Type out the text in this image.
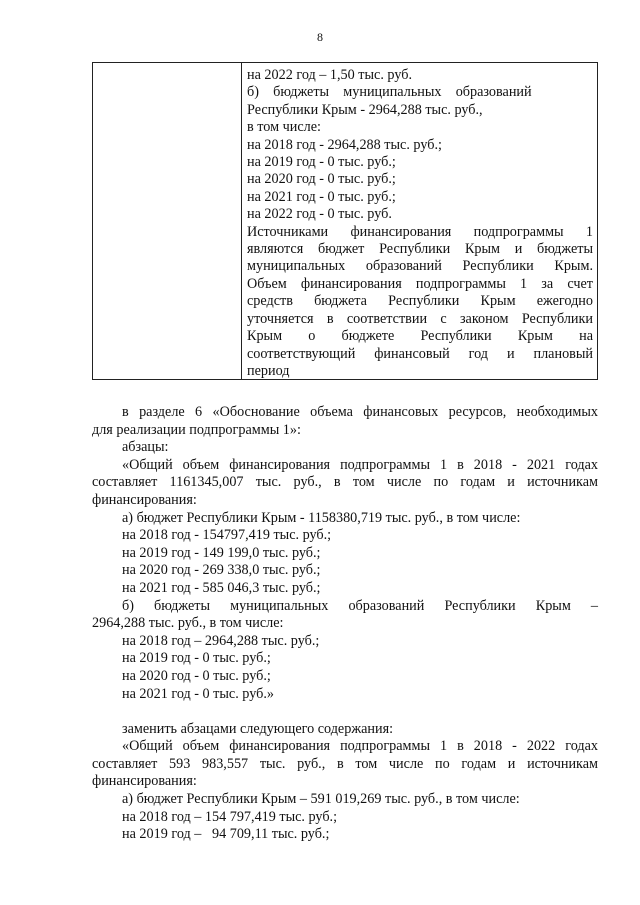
8
на 2022 год – 1,50 тыс. руб.
б)    бюджеты    муниципальных    образований
Республики Крым - 2964,288 тыс. руб.,
в том числе:
на 2018 год - 2964,288 тыс. руб.;
на 2019 год - 0 тыс. руб.;
на 2020 год - 0 тыс. руб.;
на 2021 год - 0 тыс. руб.;
на 2022 год - 0 тыс. руб.
Источниками финансирования подпрограммы 1
являются бюджет Республики Крым и бюджеты
муниципальных образований Республики Крым.
Объем финансирования подпрограммы 1 за счет
средств бюджета Республики Крым ежегодно
уточняется в соответствии с законом Республики
Крым о бюджете Республики Крым на
соответствующий финансовый год и плановый
период
в разделе 6 «Обоснование объема финансовых ресурсов, необходимых
для реализации подпрограммы 1»:
абзацы:
«Общий объем финансирования подпрограммы 1 в 2018 - 2021 годах
составляет 1161345,007 тыс. руб., в том числе по годам и источникам
финансирования:
а) бюджет Республики Крым - 1158380,719 тыс. руб., в том числе:
на 2018 год - 154797,419 тыс. руб.;
на 2019 год - 149 199,0 тыс. руб.;
на 2020 год - 269 338,0 тыс. руб.;
на 2021 год - 585 046,3 тыс. руб.;
б) бюджеты муниципальных образований Республики Крым –
2964,288 тыс. руб., в том числе:
на 2018 год – 2964,288 тыс. руб.;
на 2019 год - 0 тыс. руб.;
на 2020 год - 0 тыс. руб.;
на 2021 год - 0 тыс. руб.»
заменить абзацами следующего содержания:
«Общий объем финансирования подпрограммы 1 в 2018 - 2022 годах
составляет 593 983,557 тыс. руб., в том числе по годам и источникам
финансирования:
а) бюджет Республики Крым – 591 019,269 тыс. руб., в том числе:
на 2018 год – 154 797,419 тыс. руб.;
на 2019 год –   94 709,11 тыс. руб.;
